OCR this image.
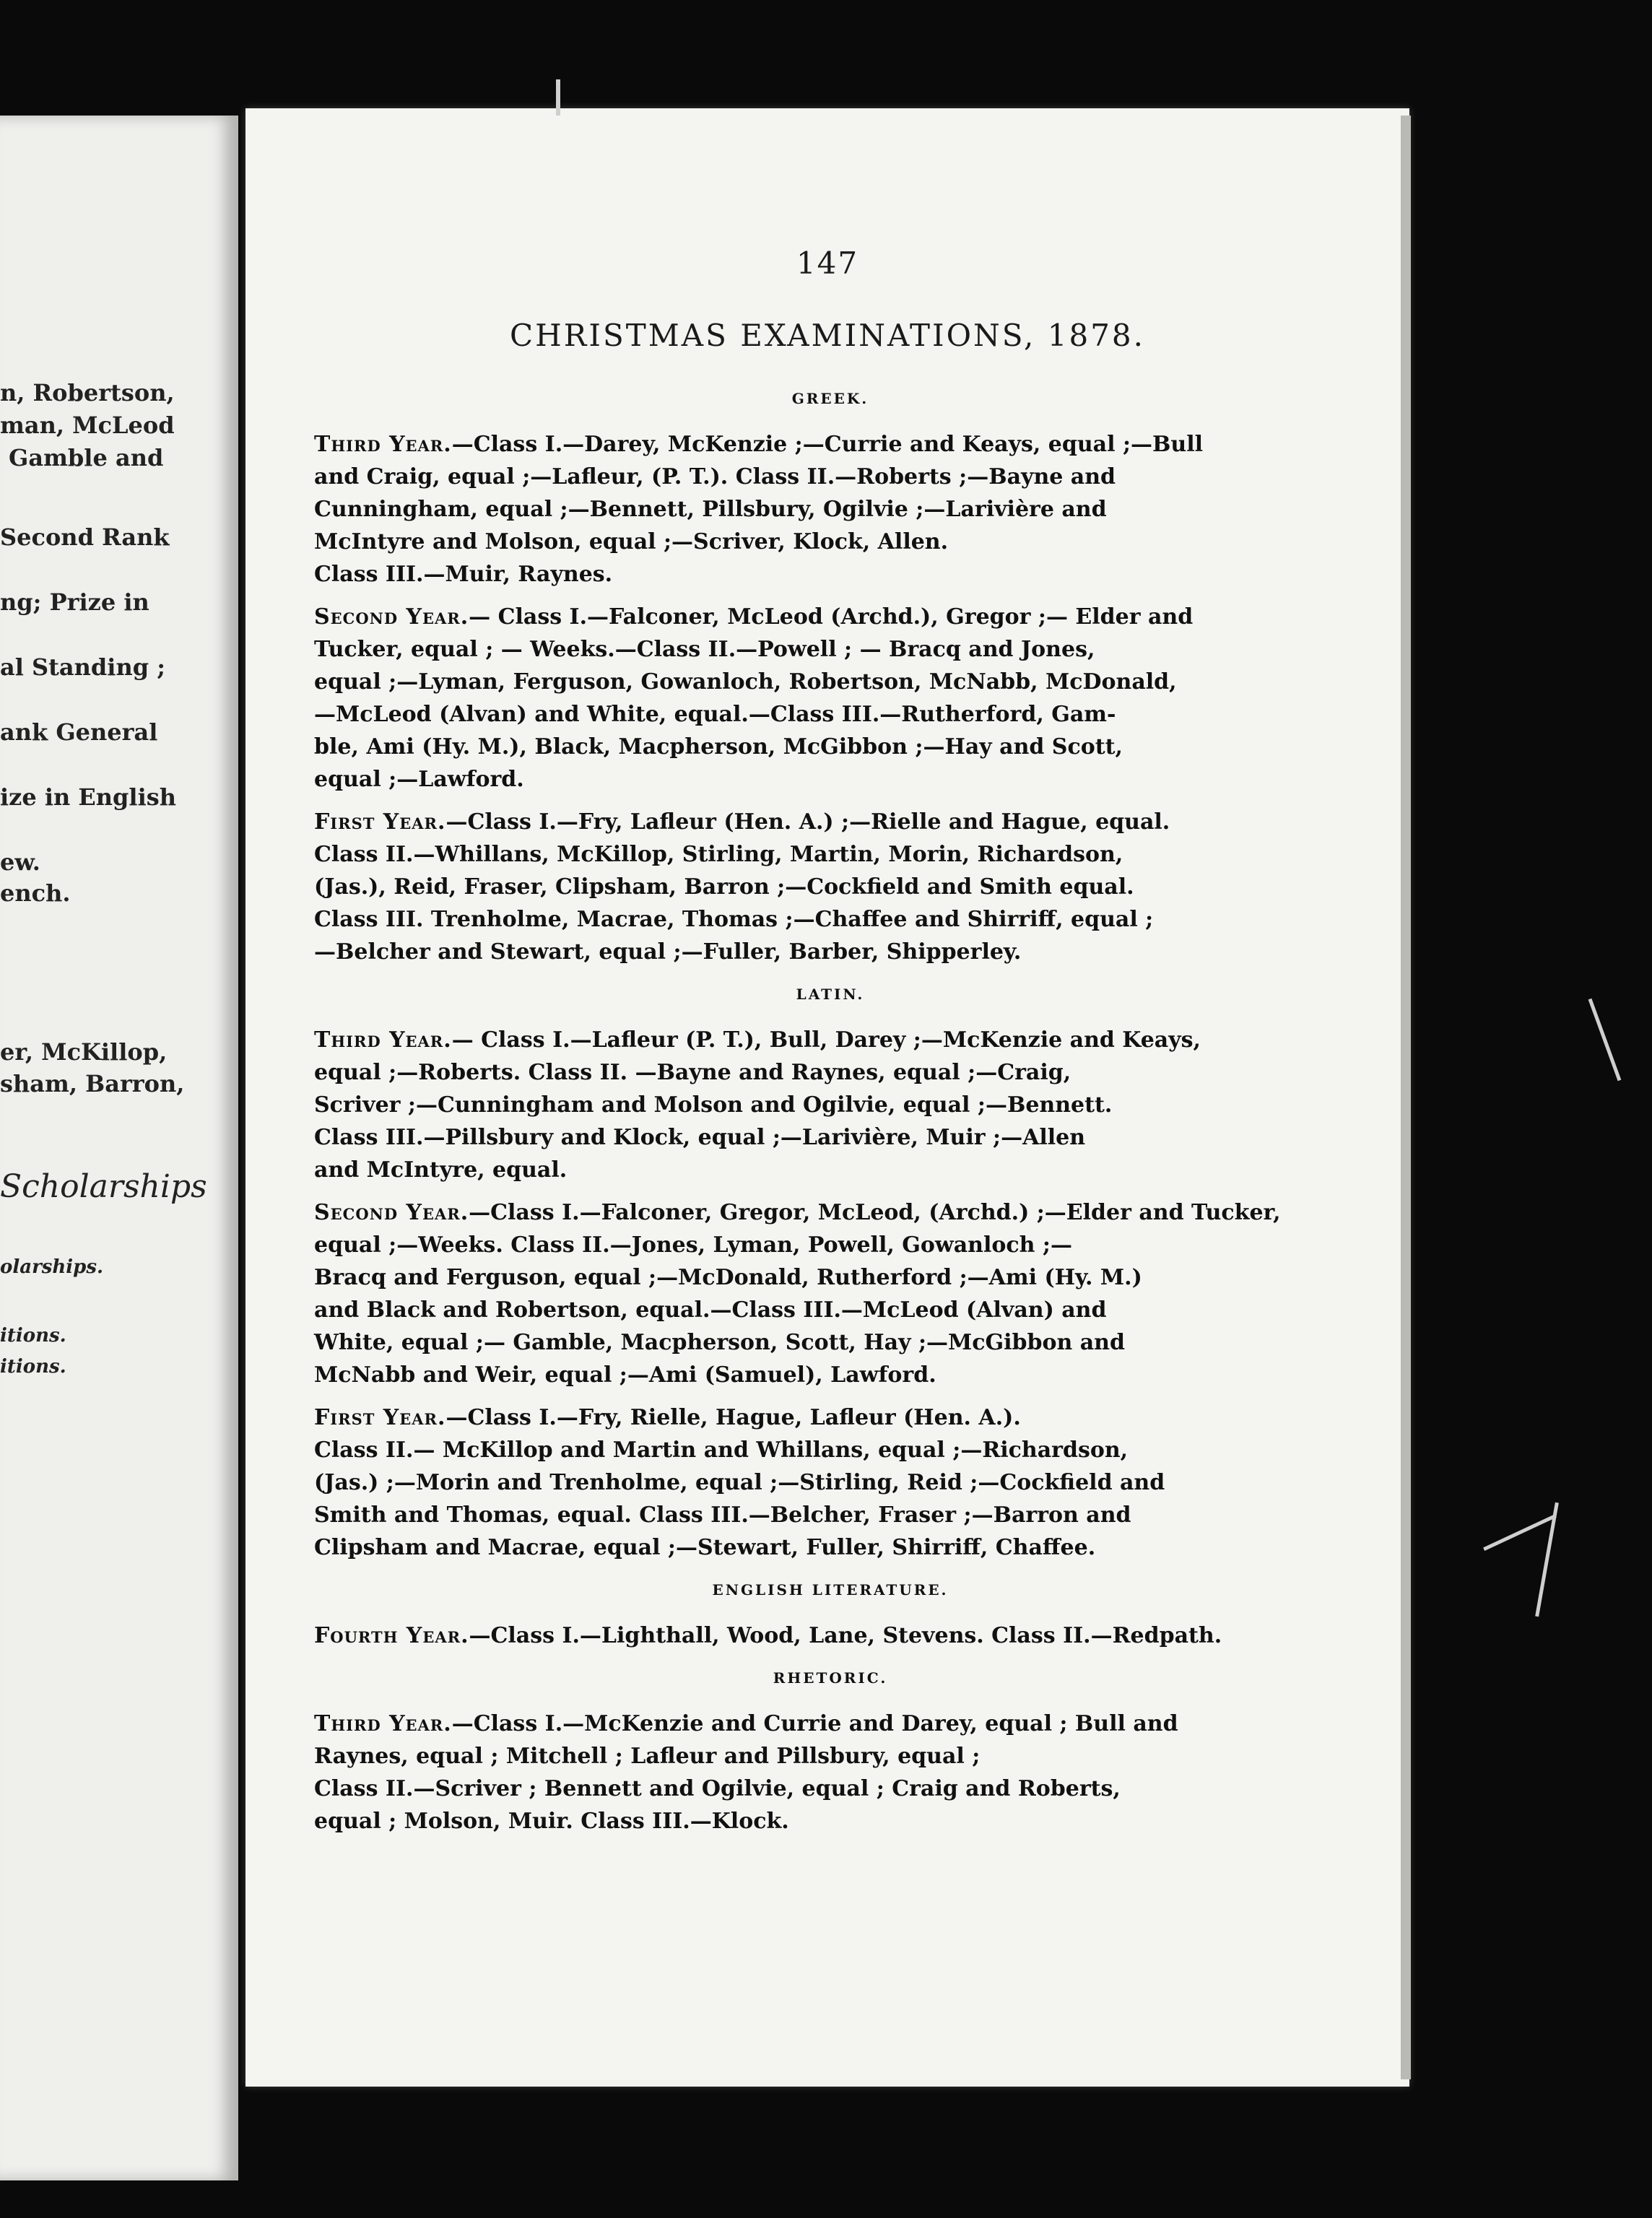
n, Robertson,
man, McLeod
Gamble and
Second Rank
ng; Prize in
al Standing ;
ank General
ize in English
ew.
ench.
er, McKillop,
sham, Barron,
Scholarships
olarships.
itions.
itions.
147
CHRISTMAS EXAMINATIONS, 1878.
GREEK.
Third Year.—Class I.—Darey, McKenzie ;—Currie and Keays, equal ;—Bull
and Craig, equal ;—Lafleur, (P. T.). Class II.—Roberts ;—Bayne and
Cunningham, equal ;—Bennett, Pillsbury, Ogilvie ;—Larivière and
McIntyre and Molson, equal ;—Scriver, Klock, Allen.
Class III.—Muir, Raynes.
Second Year.— Class I.—Falconer, McLeod (Archd.), Gregor ;— Elder and
Tucker, equal ; — Weeks.—Class II.—Powell ; — Bracq and Jones,
equal ;—Lyman, Ferguson, Gowanloch, Robertson, McNabb, McDonald,
—McLeod (Alvan) and White, equal.—Class III.—Rutherford, Gam-
ble, Ami (Hy. M.), Black, Macpherson, McGibbon ;—Hay and Scott,
equal ;—Lawford.
First Year.—Class I.—Fry, Lafleur (Hen. A.) ;—Rielle and Hague, equal.
Class II.—Whillans, McKillop, Stirling, Martin, Morin, Richardson,
(Jas.), Reid, Fraser, Clipsham, Barron ;—Cockfield and Smith equal.
Class III. Trenholme, Macrae, Thomas ;—Chaffee and Shirriff, equal ;
—Belcher and Stewart, equal ;—Fuller, Barber, Shipperley.
LATIN.
Third Year.— Class I.—Lafleur (P. T.), Bull, Darey ;—McKenzie and Keays,
equal ;—Roberts. Class II. —Bayne and Raynes, equal ;—Craig,
Scriver ;—Cunningham and Molson and Ogilvie, equal ;—Bennett.
Class III.—Pillsbury and Klock, equal ;—Larivière, Muir ;—Allen
and McIntyre, equal.
Second Year.—Class I.—Falconer, Gregor, McLeod, (Archd.) ;—Elder and Tucker,
equal ;—Weeks. Class II.—Jones, Lyman, Powell, Gowanloch ;—
Bracq and Ferguson, equal ;—McDonald, Rutherford ;—Ami (Hy. M.)
and Black and Robertson, equal.—Class III.—McLeod (Alvan) and
White, equal ;— Gamble, Macpherson, Scott, Hay ;—McGibbon and
McNabb and Weir, equal ;—Ami (Samuel), Lawford.
First Year.—Class I.—Fry, Rielle, Hague, Lafleur (Hen. A.).
Class II.— McKillop and Martin and Whillans, equal ;—Richardson,
(Jas.) ;—Morin and Trenholme, equal ;—Stirling, Reid ;—Cockfield and
Smith and Thomas, equal. Class III.—Belcher, Fraser ;—Barron and
Clipsham and Macrae, equal ;—Stewart, Fuller, Shirriff, Chaffee.
ENGLISH LITERATURE.
Fourth Year.—Class I.—Lighthall, Wood, Lane, Stevens. Class II.—Redpath.
RHETORIC.
Third Year.—Class I.—McKenzie and Currie and Darey, equal ; Bull and
Raynes, equal ; Mitchell ; Lafleur and Pillsbury, equal ;
Class II.—Scriver ; Bennett and Ogilvie, equal ; Craig and Roberts,
equal ; Molson, Muir. Class III.—Klock.
